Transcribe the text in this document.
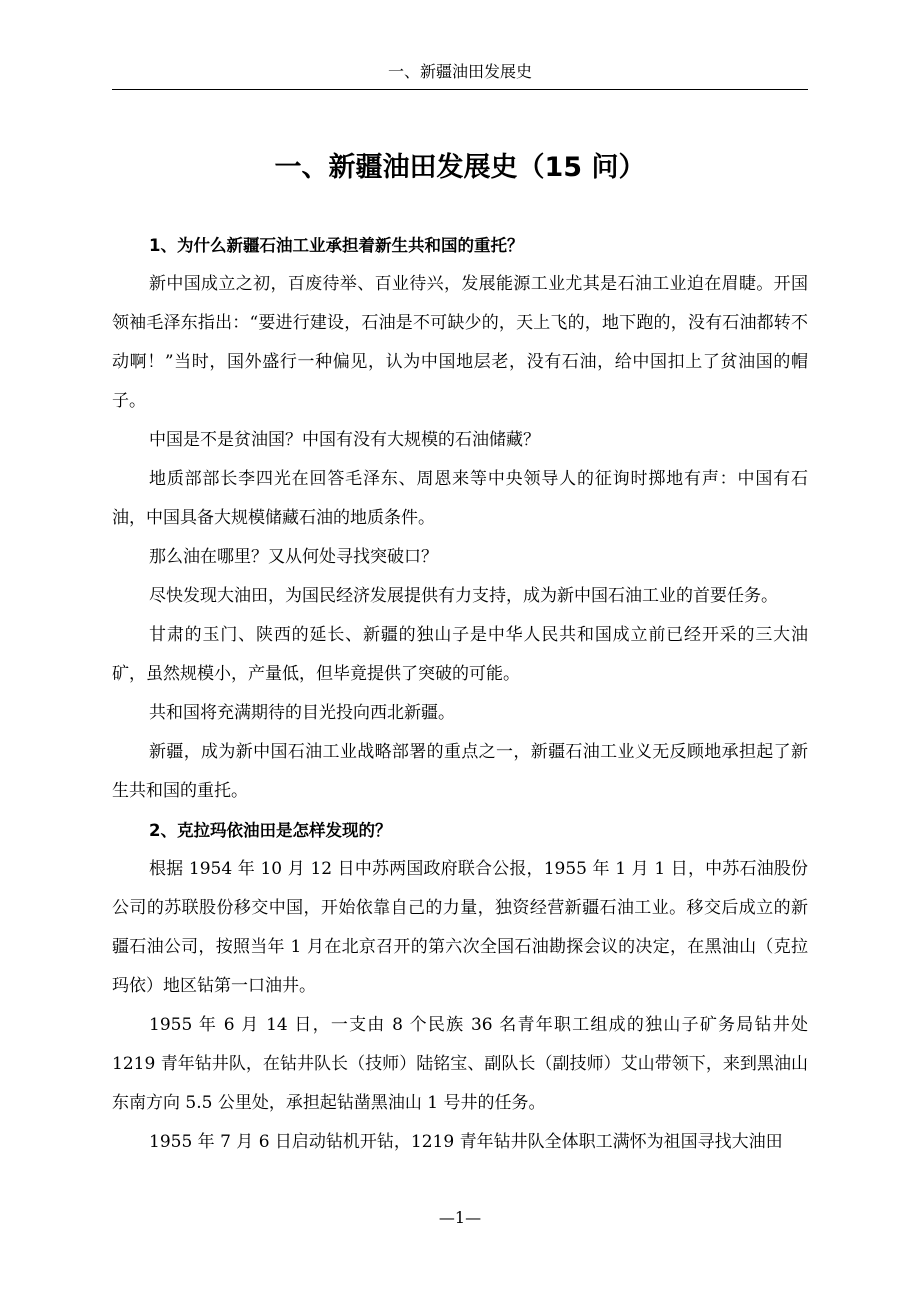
一、新疆油田发展史
一、新疆油田发展史（15 问）
1、为什么新疆石油工业承担着新生共和国的重托？

新中国成立之初，百废待举、百业待兴，发展能源工业尤其是石油工业迫在眉睫。开国领袖毛泽东指出：“要进行建设，石油是不可缺少的，天上飞的，地下跑的，没有石油都转不动啊！”当时，国外盛行一种偏见，认为中国地层老，没有石油，给中国扣上了贫油国的帽子。

中国是不是贫油国？中国有没有大规模的石油储藏？

地质部部长李四光在回答毛泽东、周恩来等中央领导人的征询时掷地有声：中国有石油，中国具备大规模储藏石油的地质条件。

那么油在哪里？又从何处寻找突破口？

尽快发现大油田，为国民经济发展提供有力支持，成为新中国石油工业的首要任务。

甘肃的玉门、陕西的延长、新疆的独山子是中华人民共和国成立前已经开采的三大油矿，虽然规模小，产量低，但毕竟提供了突破的可能。

共和国将充满期待的目光投向西北新疆。

新疆，成为新中国石油工业战略部署的重点之一，新疆石油工业义无反顾地承担起了新生共和国的重托。

2、克拉玛依油田是怎样发现的？

根据 1954 年 10 月 12 日中苏两国政府联合公报，1955 年 1 月 1 日，中苏石油股份公司的苏联股份移交中国，开始依靠自己的力量，独资经营新疆石油工业。移交后成立的新疆石油公司，按照当年 1 月在北京召开的第六次全国石油勘探会议的决定，在黑油山（克拉玛依）地区钻第一口油井。

1955 年 6 月 14 日，一支由 8 个民族 36 名青年职工组成的独山子矿务局钻井处 1219 青年钻井队，在钻井队长（技师）陆铭宝、副队长（副技师）艾山带领下，来到黑油山东南方向 5.5 公里处，承担起钻凿黑油山 1 号井的任务。

1955 年 7 月 6 日启动钻机开钻，1219 青年钻井队全体职工满怀为祖国寻找大油田

—1—
